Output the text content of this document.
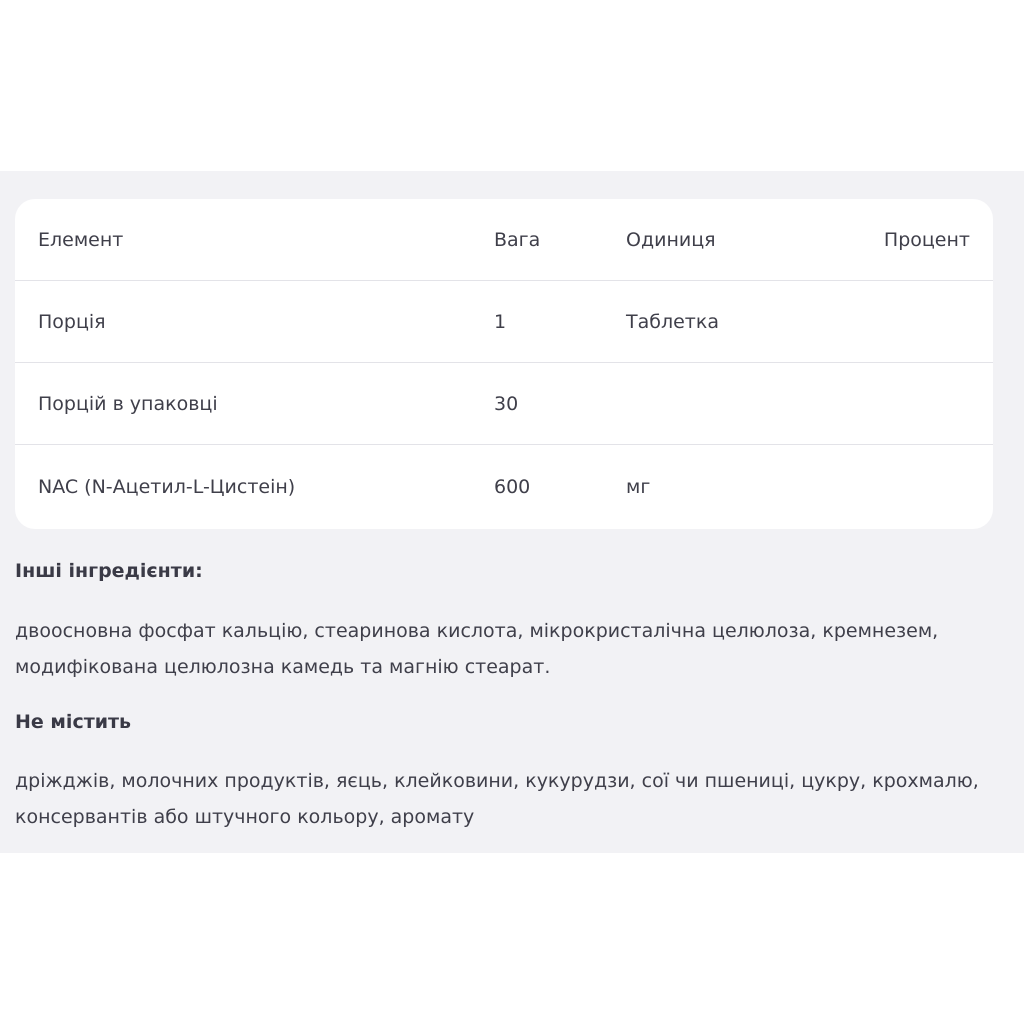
Елемент	Вага	Одиниця	Процент
Порція	1	Таблетка
Порцій в упаковці	30
NAC (N-Ацетил-L-Цистеін)	600	мг
Інші інгредієнти:
двоосновна фосфат кальцію, стеаринова кислота, мікрокристалічна целюлоза, кремнезем,
модифікована целюлозна камедь та магнію стеарат.
Не містить
дріжджів, молочних продуктів, яєць, клейковини, кукурудзи, сої чи пшениці, цукру, крохмалю,
консервантів або штучного кольору, аромату
